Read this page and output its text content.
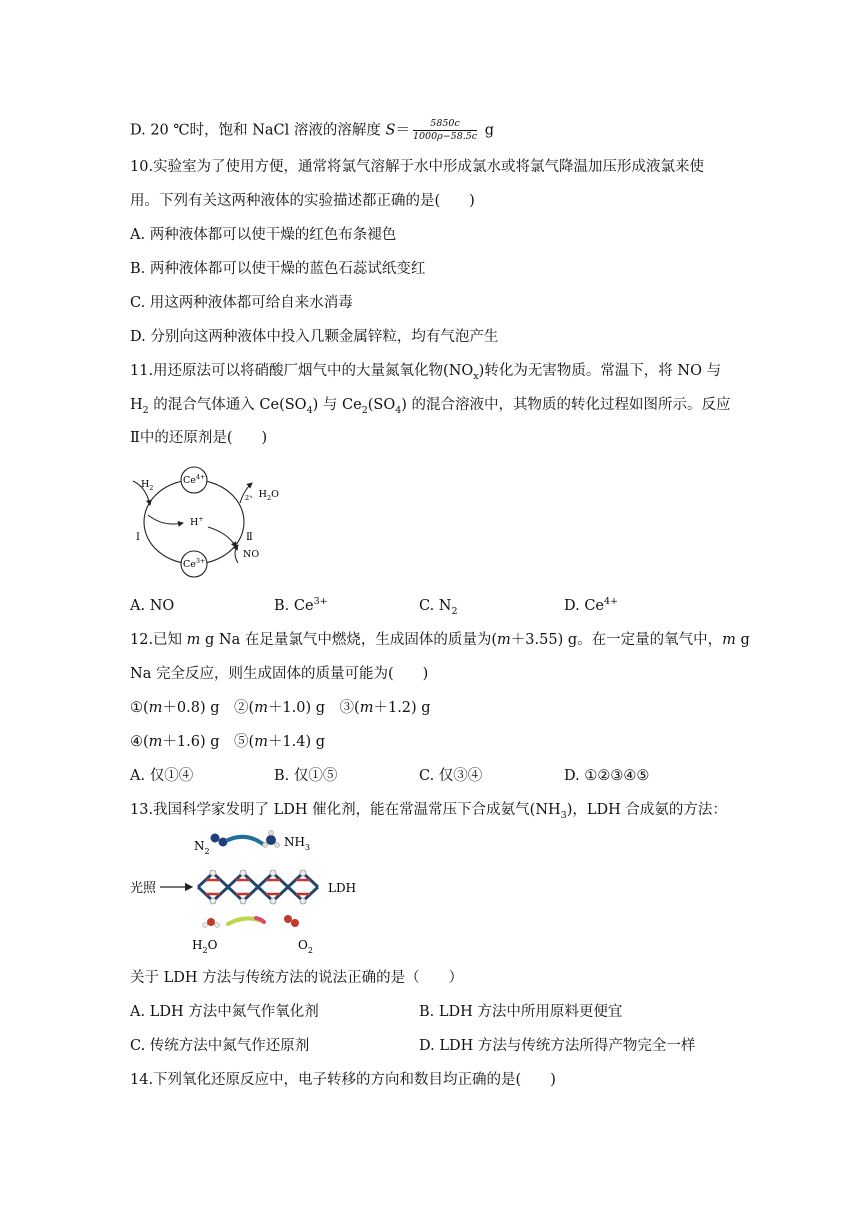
D. 20 ℃时，饱和 NaCl 溶液的溶解度 $S= \frac{5850c}{1000\rho-58.5c}$ g
10.实验室为了使用方便，通常将氯气溶解于水中形成氯水或将氯气降温加压形成液氯来使
用。下列有关这两种液体的实验描述都正确的是(　　)
A. 两种液体都可以使干燥的红色布条褪色
B. 两种液体都可以使干燥的蓝色石蕊试纸变红
C. 用这两种液体都可给自来水消毒
D. 分别向这两种液体中投入几颗金属锌粒，均有气泡产生
11.用还原法可以将硝酸厂烟气中的大量氮氧化物$(NO_x)$转化为无害物质。常温下，将 NO 与
$H_2$ 的混合气体通入 $Ce(SO_4)$ 与 $Ce_2(SO_4)$ 的混合溶液中，其物质的转化过程如图所示。反应
Ⅱ中的还原剂是(　　)
$Ce^{4+}$
$Ce^{3+}$
$H_2$
H+
Ⅰ	Ⅱ
$_2$、$H_2O$
NO
A. NO	B. $Ce^{3+}$	C. $N_2$	D. $Ce^{4+}$
12.已知 m g Na 在足量氯气中燃烧，生成固体的质量为(m＋3.55) g。在一定量的氧气中，m g
Na 完全反应，则生成固体的质量可能为(　　)
①(m＋0.8) g　 ②(m＋1.0) g　 ③(m＋1.2) g
④(m＋1.6) g　 ⑤(m＋1.4) g
A. 仅①④	B. 仅①⑤	C. 仅③④	D. ①②③④⑤
13.我国科学家发明了 LDH 催化剂，能在常温常压下合成氨气$(NH_3)$，LDH 合成氨的方法：
$N_2$
$NH_3$
光照	LDH
$H_2O$	$O_2$
关于 LDH 方法与传统方法的说法正确的是（　　）
A. LDH 方法中氮气作氧化剂	B. LDH 方法中所用原料更便宜
C. 传统方法中氮气作还原剂	D. LDH 方法与传统方法所得产物完全一样
14.下列氧化还原反应中，电子转移的方向和数目均正确的是(　　)
